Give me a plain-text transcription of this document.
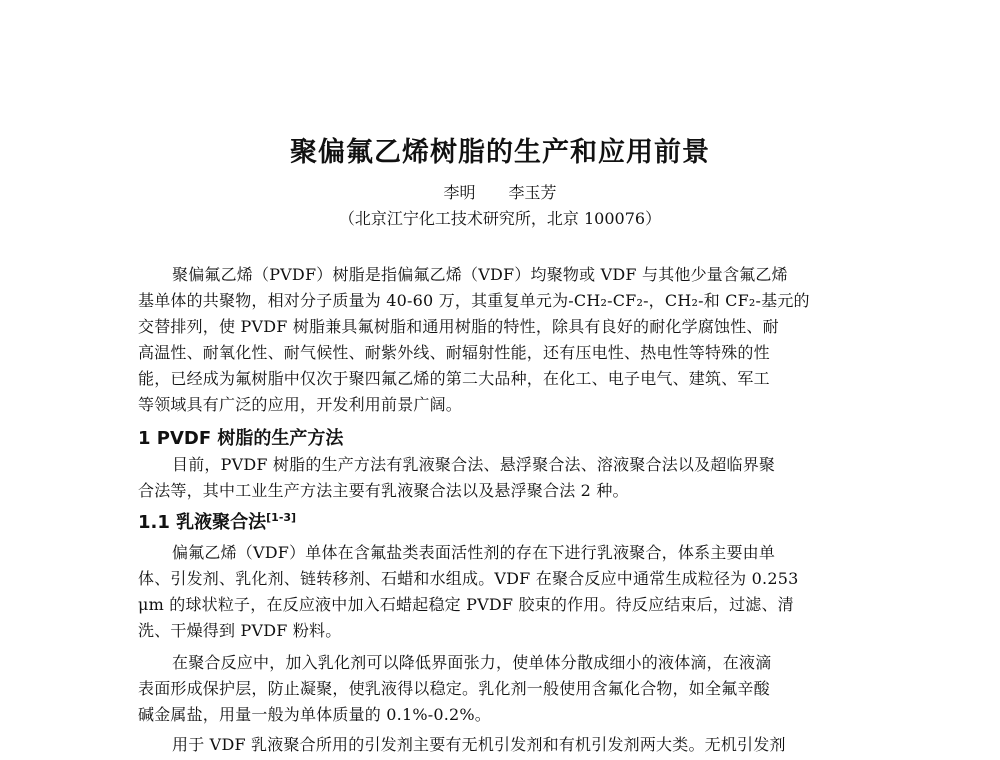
聚偏氟乙烯树脂的生产和应用前景
李明 李玉芳
（北京江宁化工技术研究所，北京 100076）
聚偏氟乙烯（PVDF）树脂是指偏氟乙烯（VDF）均聚物或 VDF 与其他少量含氟乙烯
基单体的共聚物，相对分子质量为 40-60 万，其重复单元为-CH₂-CF₂-，CH₂-和 CF₂-基元的
交替排列，使 PVDF 树脂兼具氟树脂和通用树脂的特性，除具有良好的耐化学腐蚀性、耐
高温性、耐氧化性、耐气候性、耐紫外线、耐辐射性能，还有压电性、热电性等特殊的性
能，已经成为氟树脂中仅次于聚四氟乙烯的第二大品种，在化工、电子电气、建筑、军工
等领域具有广泛的应用，开发利用前景广阔。
1 PVDF 树脂的生产方法
目前，PVDF 树脂的生产方法有乳液聚合法、悬浮聚合法、溶液聚合法以及超临界聚
合法等，其中工业生产方法主要有乳液聚合法以及悬浮聚合法 2 种。
1.1 乳液聚合法[1-3]
偏氟乙烯（VDF）单体在含氟盐类表面活性剂的存在下进行乳液聚合，体系主要由单
体、引发剂、乳化剂、链转移剂、石蜡和水组成。VDF 在聚合反应中通常生成粒径为 0.253
μm 的球状粒子，在反应液中加入石蜡起稳定 PVDF 胶束的作用。待反应结束后，过滤、清
洗、干燥得到 PVDF 粉料。
在聚合反应中，加入乳化剂可以降低界面张力，使单体分散成细小的液体滴，在液滴
表面形成保护层，防止凝聚，使乳液得以稳定。乳化剂一般使用含氟化合物，如全氟辛酸
碱金属盐，用量一般为单体质量的 0.1%-0.2%。
用于 VDF 乳液聚合所用的引发剂主要有无机引发剂和有机引发剂两大类。无机引发剂
